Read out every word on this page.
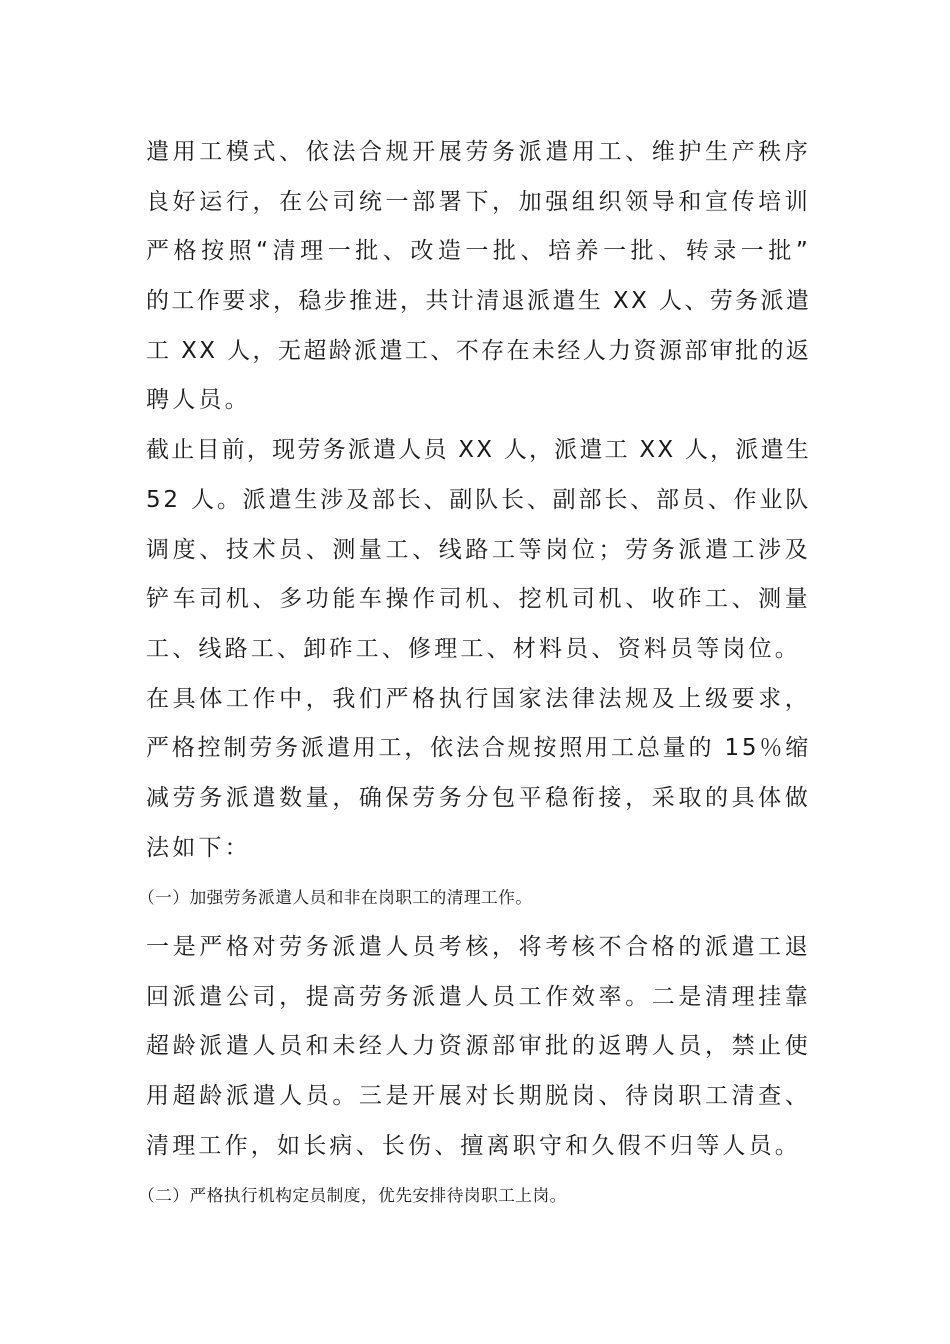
遣用工模式、依法合规开展劳务派遣用工、维护生产秩序
良好运行，在公司统一部署下，加强组织领导和宣传培训
严格按照“清理一批、改造一批、培养一批、转录一批”
的工作要求，稳步推进，共计清退派遣生 XX 人、劳务派遣
工 XX 人，无超龄派遣工、不存在未经人力资源部审批的返
聘人员。
截止目前，现劳务派遣人员 XX 人，派遣工 XX 人，派遣生
52 人。派遣生涉及部长、副队长、副部长、部员、作业队
调度、技术员、测量工、线路工等岗位；劳务派遣工涉及
铲车司机、多功能车操作司机、挖机司机、收砟工、测量
工、线路工、卸砟工、修理工、材料员、资料员等岗位。
在具体工作中，我们严格执行国家法律法规及上级要求，
严格控制劳务派遣用工，依法合规按照用工总量的 15％缩
减劳务派遣数量，确保劳务分包平稳衔接，采取的具体做
法如下：
（一）加强劳务派遣人员和非在岗职工的清理工作。
一是严格对劳务派遣人员考核，将考核不合格的派遣工退
回派遣公司，提高劳务派遣人员工作效率。二是清理挂靠
超龄派遣人员和未经人力资源部审批的返聘人员，禁止使
用超龄派遣人员。三是开展对长期脱岗、待岗职工清查、
清理工作，如长病、长伤、擅离职守和久假不归等人员。
（二）严格执行机构定员制度，优先安排待岗职工上岗。
